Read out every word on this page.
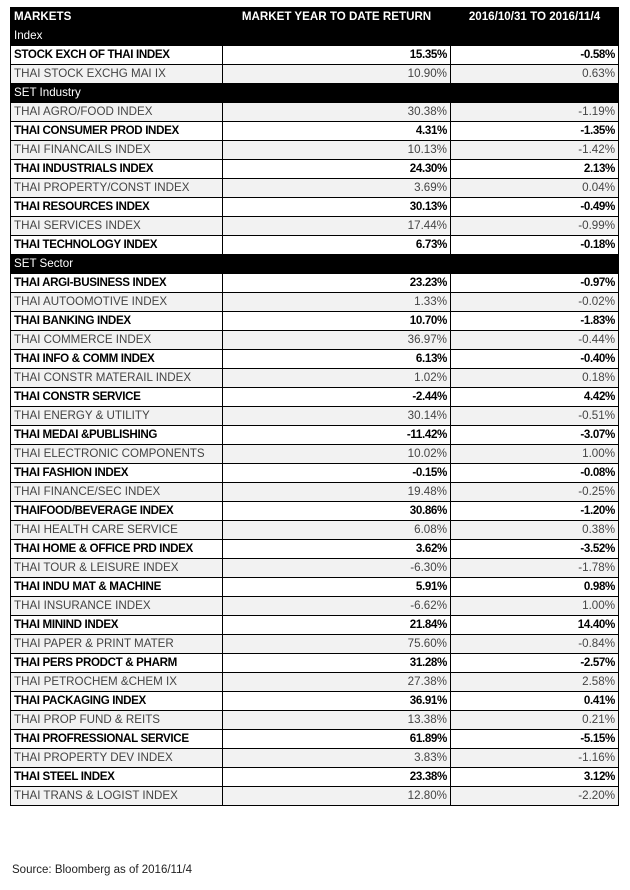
MARKETS	MARKET YEAR TO DATE RETURN	2016/10/31 TO 2016/11/4
Index		
STOCK EXCH OF THAI INDEX	15.35%	-0.58%
THAI STOCK EXCHG MAI IX	10.90%	0.63%
SET Industry		
THAI AGRO/FOOD INDEX	30.38%	-1.19%
THAI CONSUMER PROD INDEX	4.31%	-1.35%
THAI FINANCAILS INDEX	10.13%	-1.42%
THAI INDUSTRIALS INDEX	24.30%	2.13%
THAI PROPERTY/CONST INDEX	3.69%	0.04%
THAI RESOURCES INDEX	30.13%	-0.49%
THAI SERVICES INDEX	17.44%	-0.99%
THAI TECHNOLOGY INDEX	6.73%	-0.18%
SET Sector		
THAI ARGI-BUSINESS INDEX	23.23%	-0.97%
THAI AUTOOMOTIVE INDEX	1.33%	-0.02%
THAI BANKING INDEX	10.70%	-1.83%
THAI COMMERCE INDEX	36.97%	-0.44%
THAI INFO & COMM INDEX	6.13%	-0.40%
THAI CONSTR MATERAIL INDEX	1.02%	0.18%
THAI CONSTR SERVICE	-2.44%	4.42%
THAI ENERGY & UTILITY	30.14%	-0.51%
THAI MEDAI &PUBLISHING	-11.42%	-3.07%
THAI ELECTRONIC COMPONENTS	10.02%	1.00%
THAI FASHION INDEX	-0.15%	-0.08%
THAI FINANCE/SEC INDEX	19.48%	-0.25%
THAIFOOD/BEVERAGE INDEX	30.86%	-1.20%
THAI HEALTH CARE SERVICE	6.08%	0.38%
THAI HOME & OFFICE PRD INDEX	3.62%	-3.52%
THAI TOUR & LEISURE INDEX	-6.30%	-1.78%
THAI INDU MAT & MACHINE	5.91%	0.98%
THAI INSURANCE INDEX	-6.62%	1.00%
THAI MININD INDEX	21.84%	14.40%
THAI PAPER & PRINT MATER	75.60%	-0.84%
THAI PERS PRODCT & PHARM	31.28%	-2.57%
THAI PETROCHEM &CHEM IX	27.38%	2.58%
THAI PACKAGING INDEX	36.91%	0.41%
THAI PROP FUND & REITS	13.38%	0.21%
THAI PROFRESSIONAL SERVICE	61.89%	-5.15%
THAI PROPERTY DEV INDEX	3.83%	-1.16%
THAI STEEL INDEX	23.38%	3.12%
THAI TRANS & LOGIST INDEX	12.80%	-2.20%
Source: Bloomberg as of 2016/11/4
